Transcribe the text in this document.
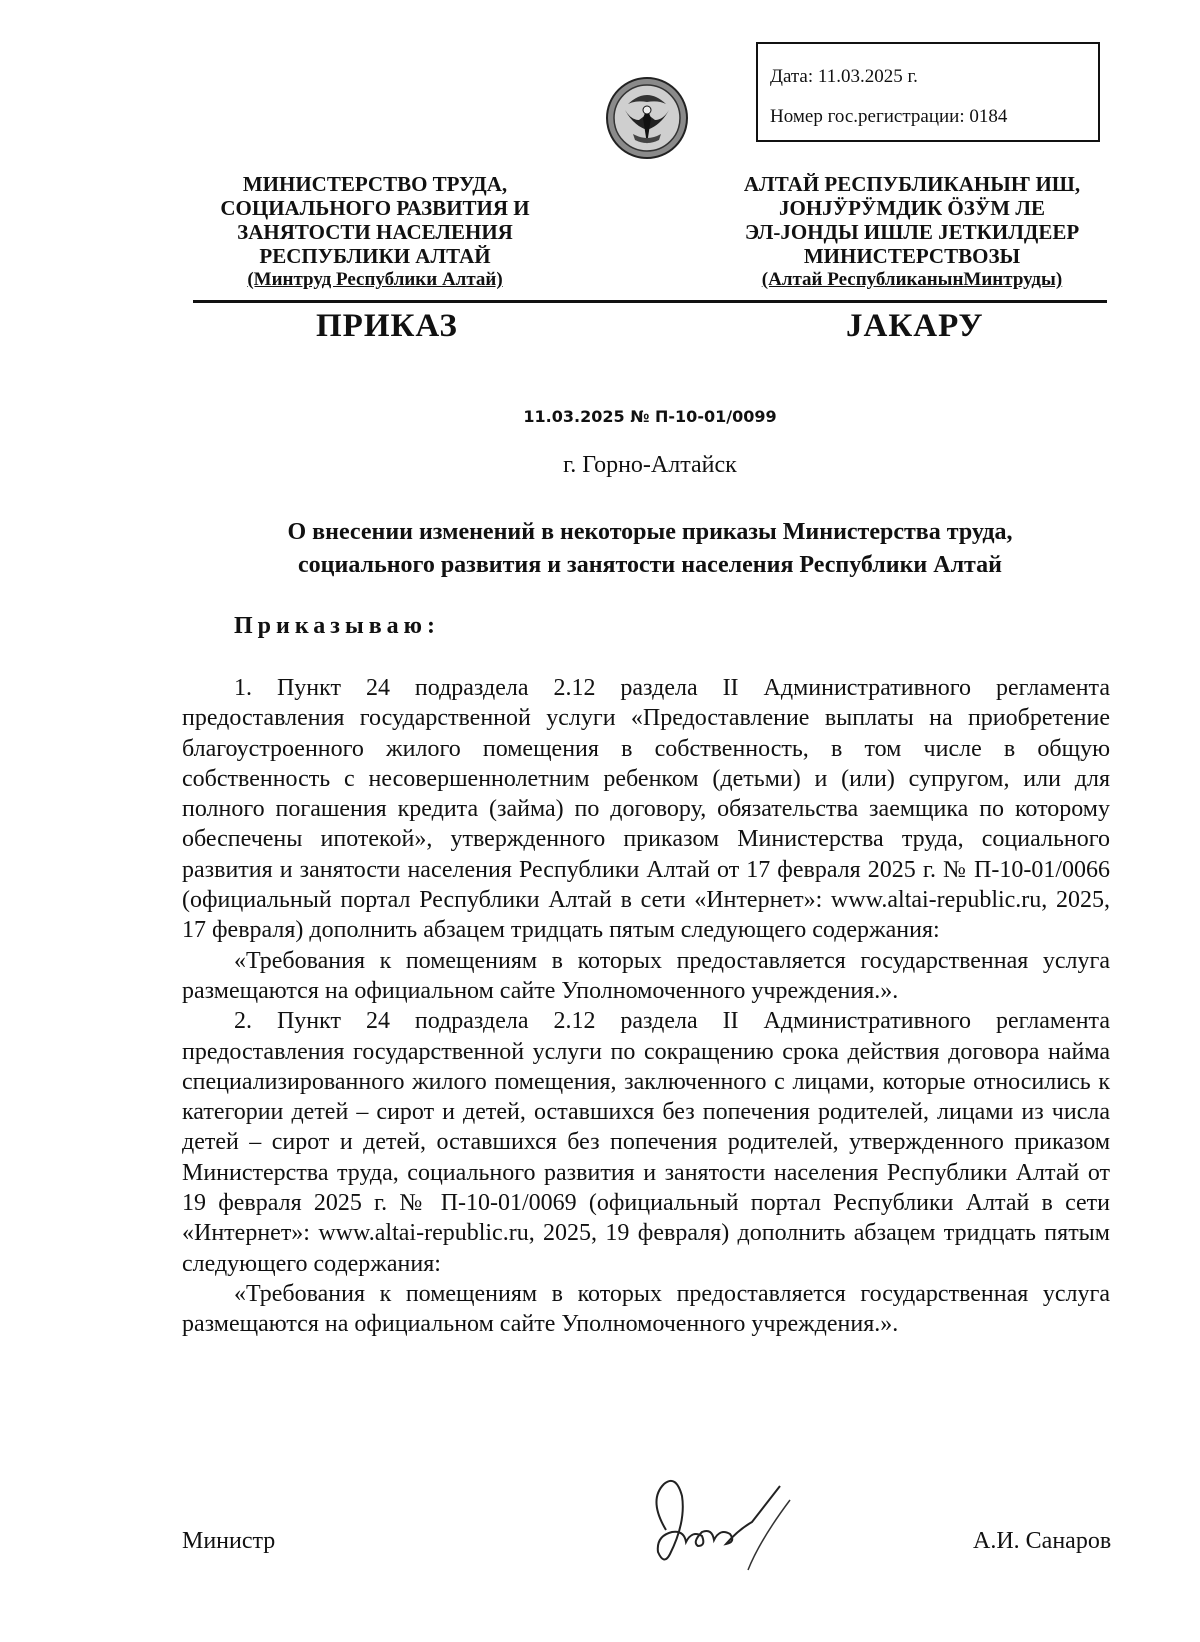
Дата: 11.03.2025 г.
Номер гос.регистрации: 0184
МИНИСТЕРСТВО ТРУДА,
СОЦИАЛЬНОГО РАЗВИТИЯ И
ЗАНЯТОСТИ НАСЕЛЕНИЯ
РЕСПУБЛИКИ АЛТАЙ
(Минтруд Республики Алтай)
АЛТАЙ РЕСПУБЛИКАНЫҤ ИШ,
ЈОНЈӰРӰМДИК ӦЗӰМ ЛЕ
ЭЛ-ЈОНДЫ ИШЛЕ ЈЕТКИЛДЕЕР
МИНИСТЕРСТВОЗЫ
(Алтай РеспубликанынМинтруды)
ПРИКАЗ	ЈАКАРУ
11.03.2025 № П-10-01/0099
г. Горно-Алтайск
О внесении изменений в некоторые приказы Министерства труда,
социального развития и занятости населения Республики Алтай
Приказываю:

1. Пункт 24 подраздела 2.12 раздела II Административного регламента предоставления государственной услуги «Предоставление выплаты на приобретение благоустроенного жилого помещения в собственность, в том числе в общую собственность с несовершеннолетним ребенком (детьми) и (или) супругом, или для полного погашения кредита (займа) по договору, обязательства заемщика по которому обеспечены ипотекой», утвержденного приказом Министерства труда, социального развития и занятости населения Республики Алтай от 17 февраля 2025 г. № П-10-01/0066 (официальный портал Республики Алтай в сети «Интернет»: www.altai-republic.ru, 2025, 17 февраля) дополнить абзацем тридцать пятым следующего содержания:

«Требования к помещениям в которых предоставляется государственная услуга размещаются на официальном сайте Уполномоченного учреждения.».

2. Пункт 24 подраздела 2.12 раздела II Административного регламента предоставления государственной услуги по сокращению срока действия договора найма специализированного жилого помещения, заключенного с лицами, которые относились к категории детей – сирот и детей, оставшихся без попечения родителей, лицами из числа детей – сирот и детей, оставшихся без попечения родителей, утвержденного приказом Министерства труда, социального развития и занятости населения Республики Алтай от 19 февраля 2025 г. № П-10-01/0069 (официальный портал Республики Алтай в сети «Интернет»: www.altai-republic.ru, 2025, 19 февраля) дополнить абзацем тридцать пятым следующего содержания:

«Требования к помещениям в которых предоставляется государственная услуга размещаются на официальном сайте Уполномоченного учреждения.».

Министр	А.И. Санаров
